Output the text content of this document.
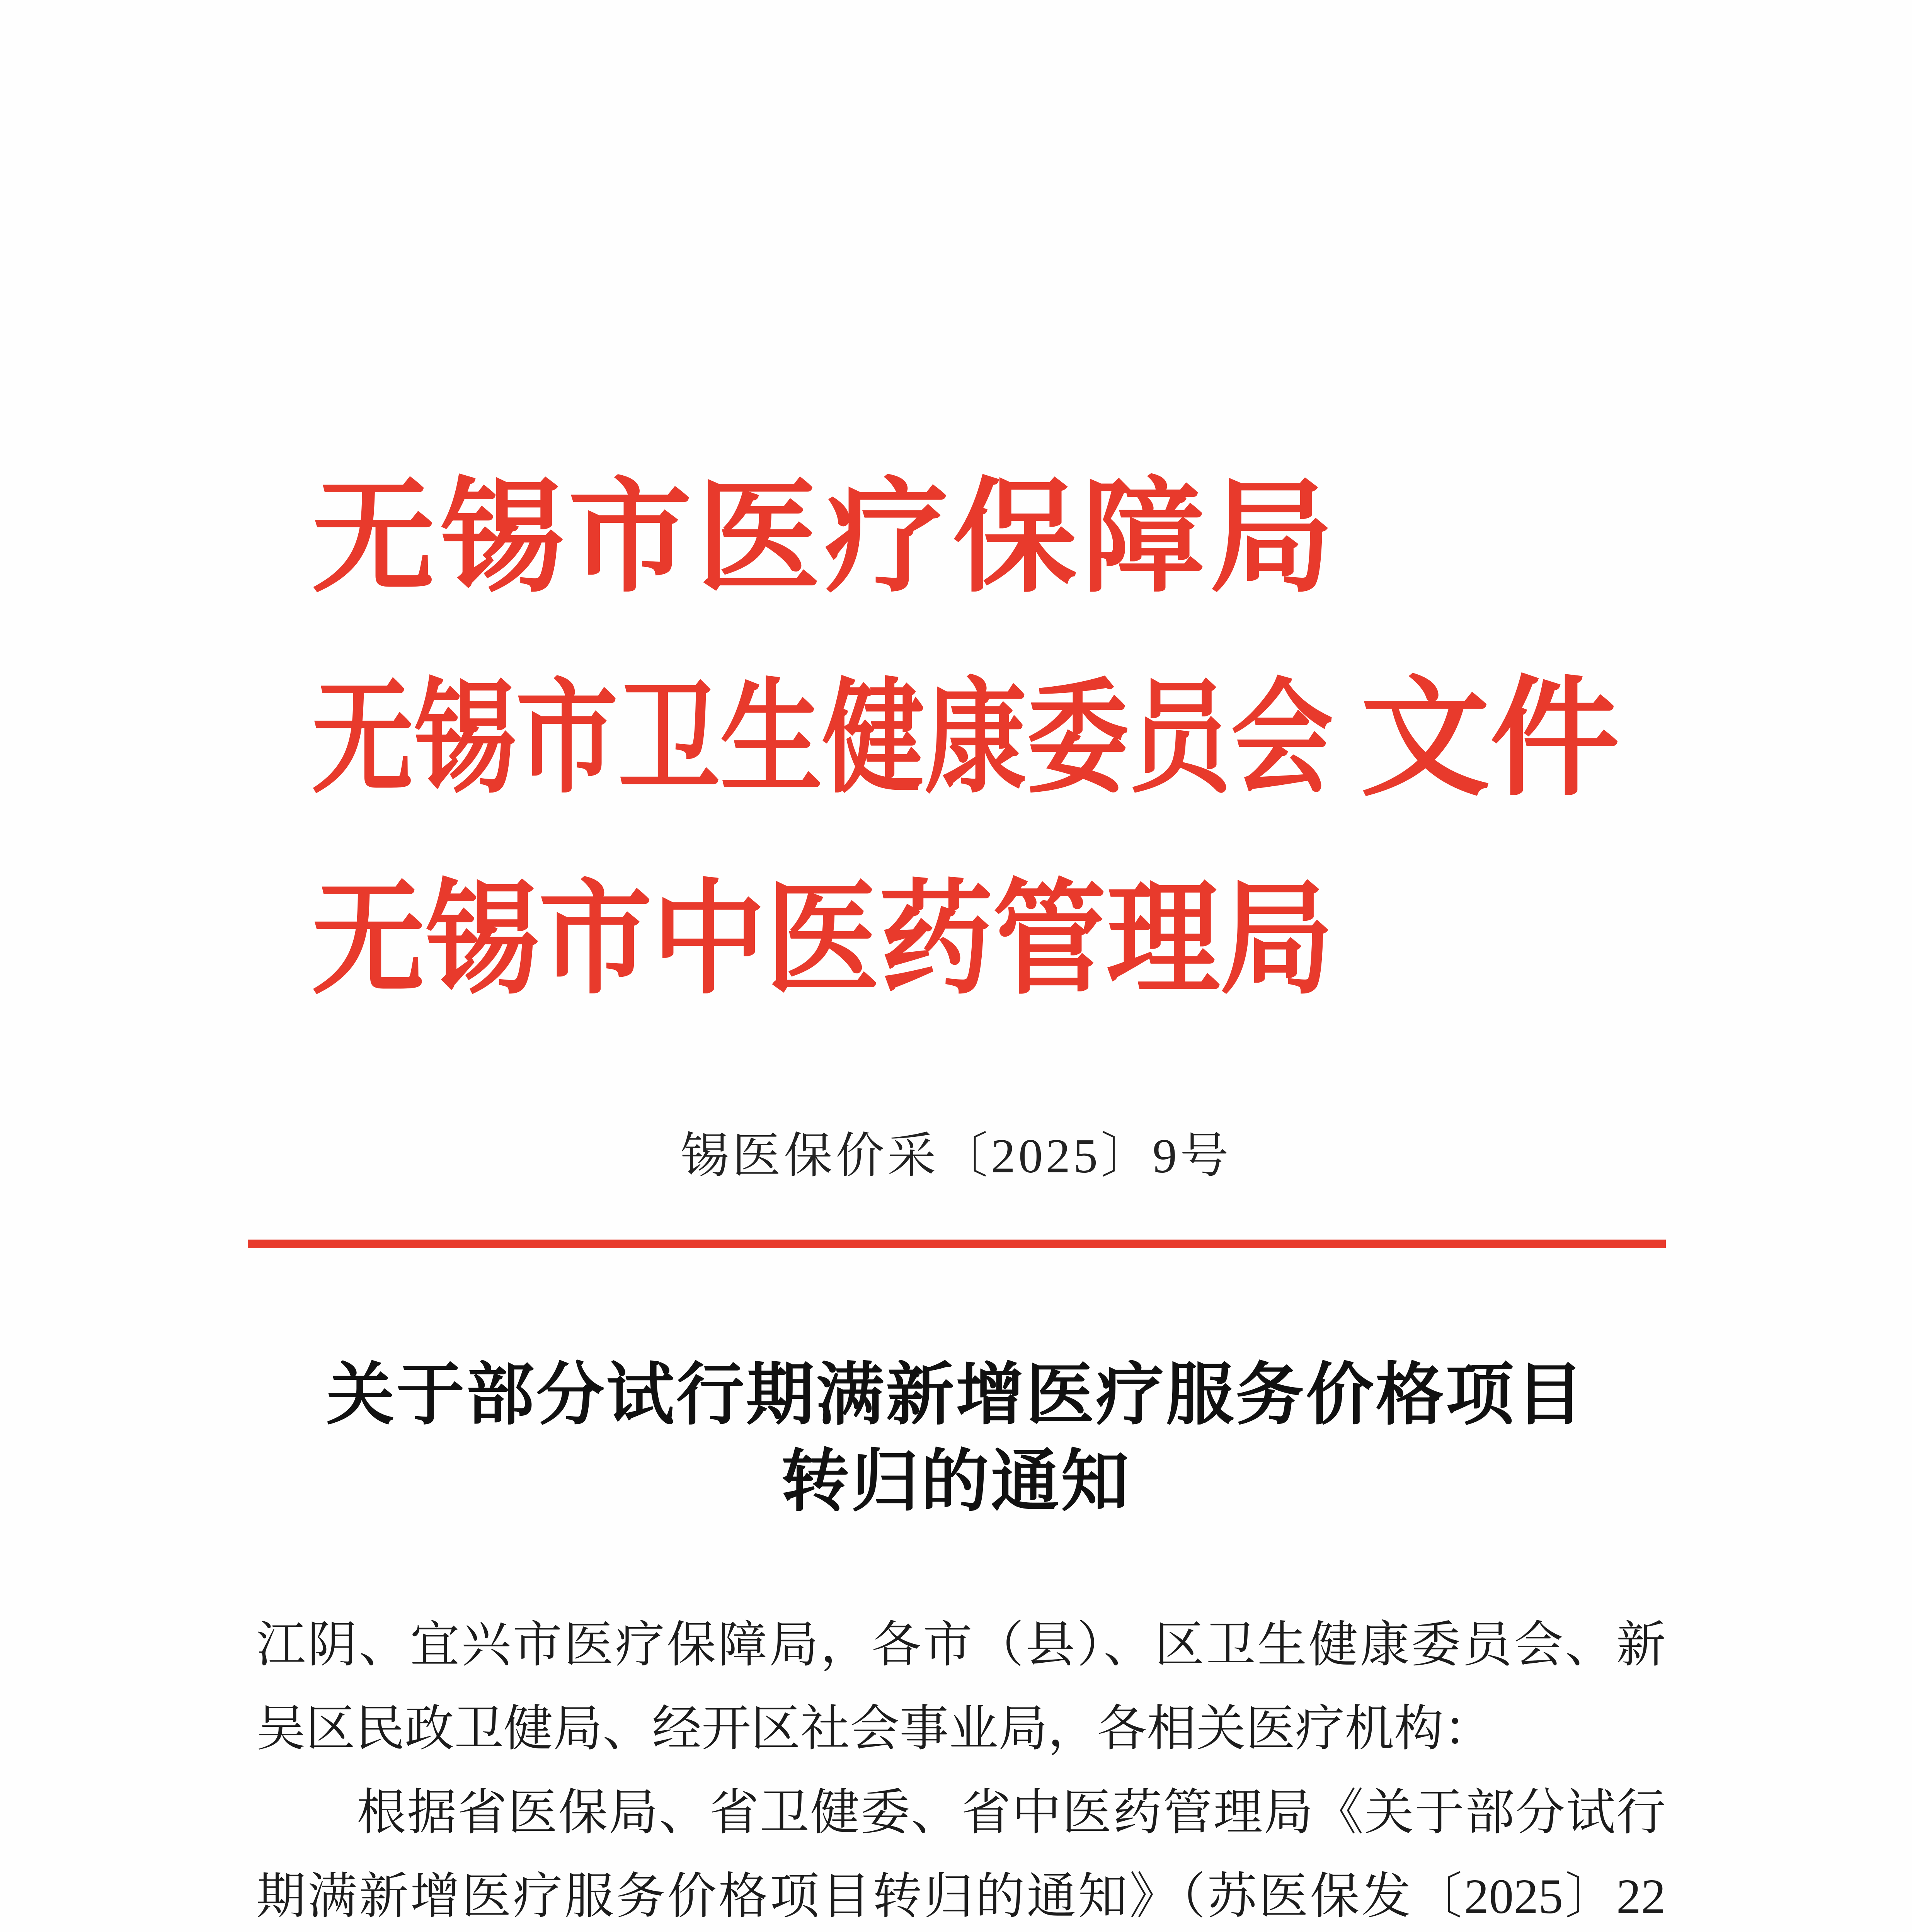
无锡市医疗保障局
无锡市卫生健康委员会
无锡市中医药管理局
文件
锡医保价采〔2025〕9号
关于部分试行期满新增医疗服务价格项目
转归的通知
江阴、宜兴市医疗保障局，各市（县）、区卫生健康委员会、新
吴区民政卫健局、经开区社会事业局，各相关医疗机构：
根据省医保局、省卫健委、省中医药管理局《关于部分试行
期满新增医疗服务价格项目转归的通知》（苏医保发〔2025〕22
